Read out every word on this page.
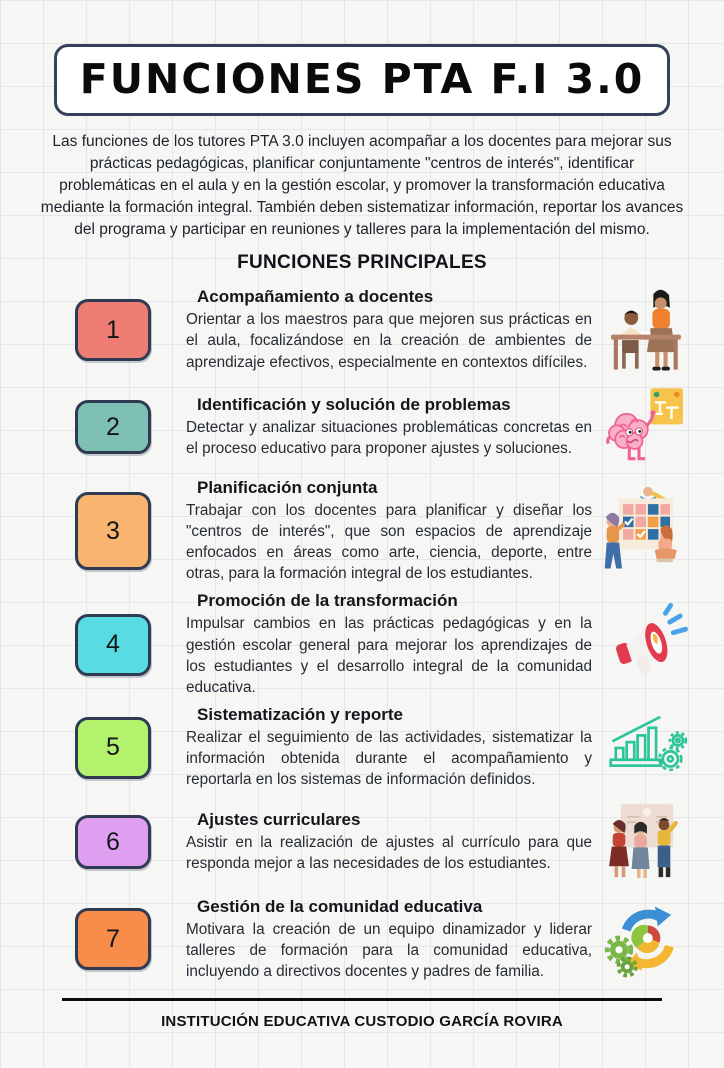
FUNCIONES PTA F.I 3.0

Las funciones de los tutores PTA 3.0 incluyen acompañar a los docentes para mejorar sus prácticas pedagógicas, planificar conjuntamente "centros de interés", identificar problemáticas en el aula y en la gestión escolar, y promover la transformación educativa mediante la formación integral. También deben sistematizar información, reportar los avances del programa y participar en reuniones y talleres para la implementación del mismo.

FUNCIONES PRINCIPALES
1
Acompañamiento a docentes

Orientar a los maestros para que mejoren sus prácticas en el aula, focalizándose en la creación de ambientes de aprendizaje efectivos, especialmente en contextos difíciles.

2
Identificación y solución de problemas

Detectar y analizar situaciones problemáticas concretas en el proceso educativo para proponer ajustes y soluciones.

3
Planificación conjunta

Trabajar con los docentes para planificar y diseñar los "centros de interés", que son espacios de aprendizaje enfocados en áreas como arte, ciencia, deporte, entre otras, para la formación integral de los estudiantes.

4
Promoción de la transformación

Impulsar cambios en las prácticas pedagógicas y en la gestión escolar general para mejorar los aprendizajes de los estudiantes y el desarrollo integral de la comunidad educativa.

5
Sistematización y reporte

Realizar el seguimiento de las actividades, sistematizar la información obtenida durante el acompañamiento y reportarla en los sistemas de información definidos.

6
Ajustes curriculares

Asistir en la realización de ajustes al currículo para que responda mejor a las necesidades de los estudiantes.

7
Gestión de la comunidad educativa

Motivara la creación de un equipo dinamizador y liderar talleres de formación para la comunidad educativa, incluyendo a directivos docentes y padres de familia.

INSTITUCIÓN EDUCATIVA CUSTODIO GARCÍA ROVIRA
